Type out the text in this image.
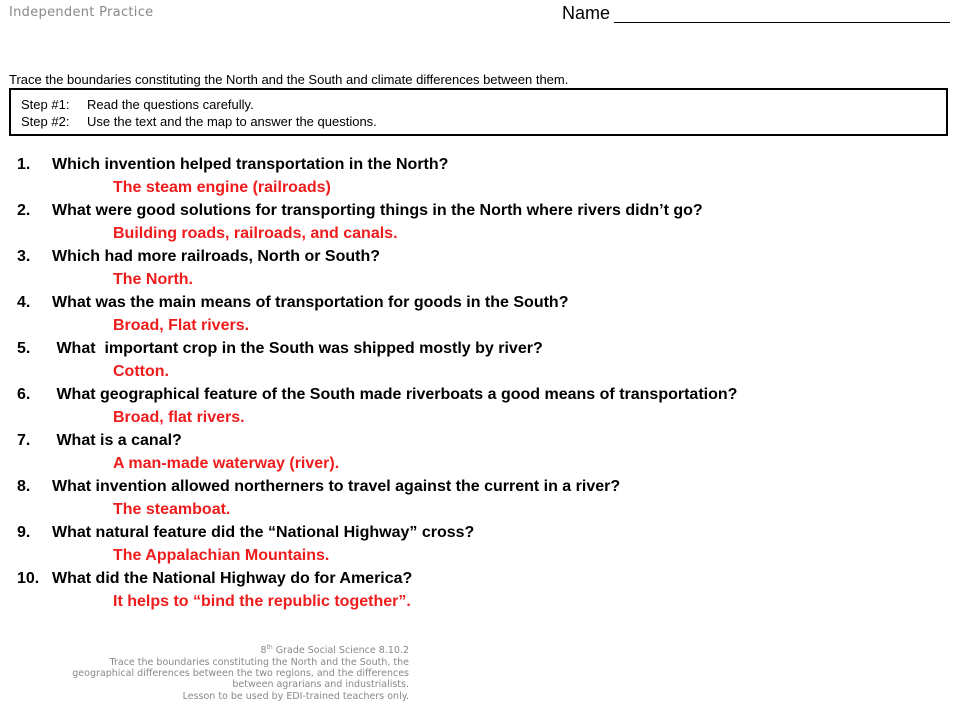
Independent Practice	Name
Trace the boundaries constituting the North and the South and climate differences between them.
Step #1:	Read the questions carefully.
Step #2:	Use the text and the map to answer the questions.
1.	Which invention helped transportation in the North?
The steam engine (railroads)
2.	What were good solutions for transporting things in the North where rivers didn’t go?
Building roads, railroads, and canals.
3.	Which had more railroads, North or South?
The North.
4.	What was the main means of transportation for goods in the South?
Broad, Flat rivers.
5.	What  important crop in the South was shipped mostly by river?
Cotton.
6.	What geographical feature of the South made riverboats a good means of transportation?
Broad, flat rivers.
7.	What is a canal?
A man-made waterway (river).
8.	What invention allowed northerners to travel against the current in a river?
The steamboat.
9.	What natural feature did the “National Highway” cross?
The Appalachian Mountains.
10. What did the National Highway do for America?
It helps to “bind the republic together”.
8th Grade Social Science 8.10.2
Trace the boundaries constituting the North and the South, the
geographical differences between the two regions, and the differences
between agrarians and industrialists.
Lesson to be used by EDI-trained teachers only.
